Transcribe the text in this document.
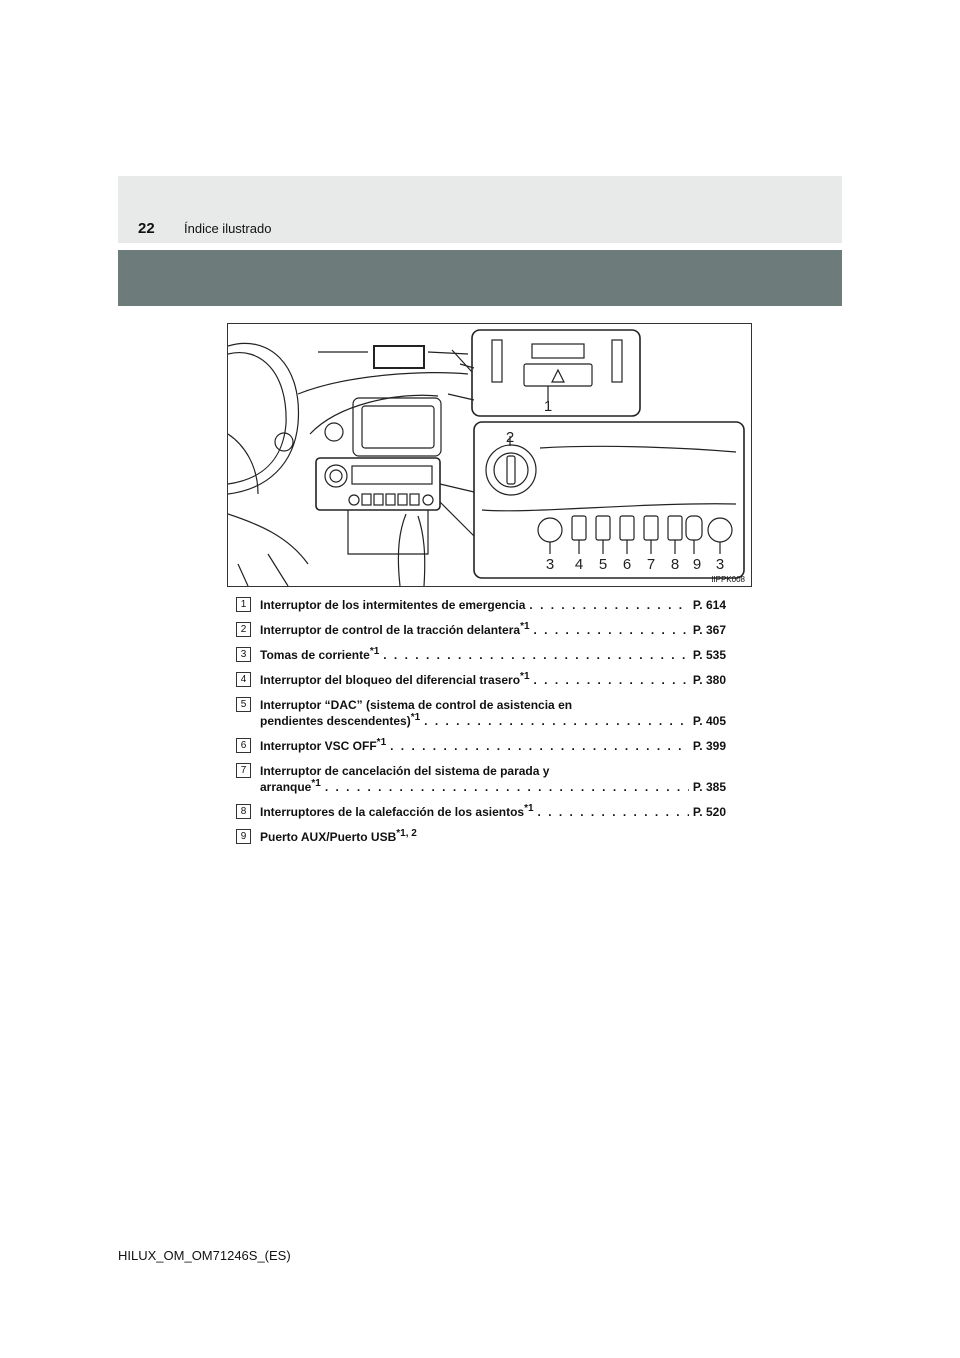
22 Índice ilustrado
1
2
3 4 5 6 7 8 9 3
IIPPK008
1	Interruptor de los intermitentes de emergencia . . .	P. 614
2	Interruptor de control de la tracción delantera$^{*1}$ . . .	P. 367
3	Tomas de corriente$^{*1}$ . . .	P. 535
4	Interruptor del bloqueo del diferencial trasero$^{*1}$ . . .	P. 380
5	Interruptor “DAC” (sistema de control de asistencia en
pendientes descendentes)$^{*1}$ . . .	P. 405
6	Interruptor VSC OFF$^{*1}$ . . .	P. 399
7	Interruptor de cancelación del sistema de parada y
arranque$^{*1}$ . . .	P. 385
8	Interruptores de la calefacción de los asientos$^{*1}$ . . .	P. 520
9	Puerto AUX/Puerto USB$^{*1, 2}$
HILUX_OM_OM71246S_(ES)
